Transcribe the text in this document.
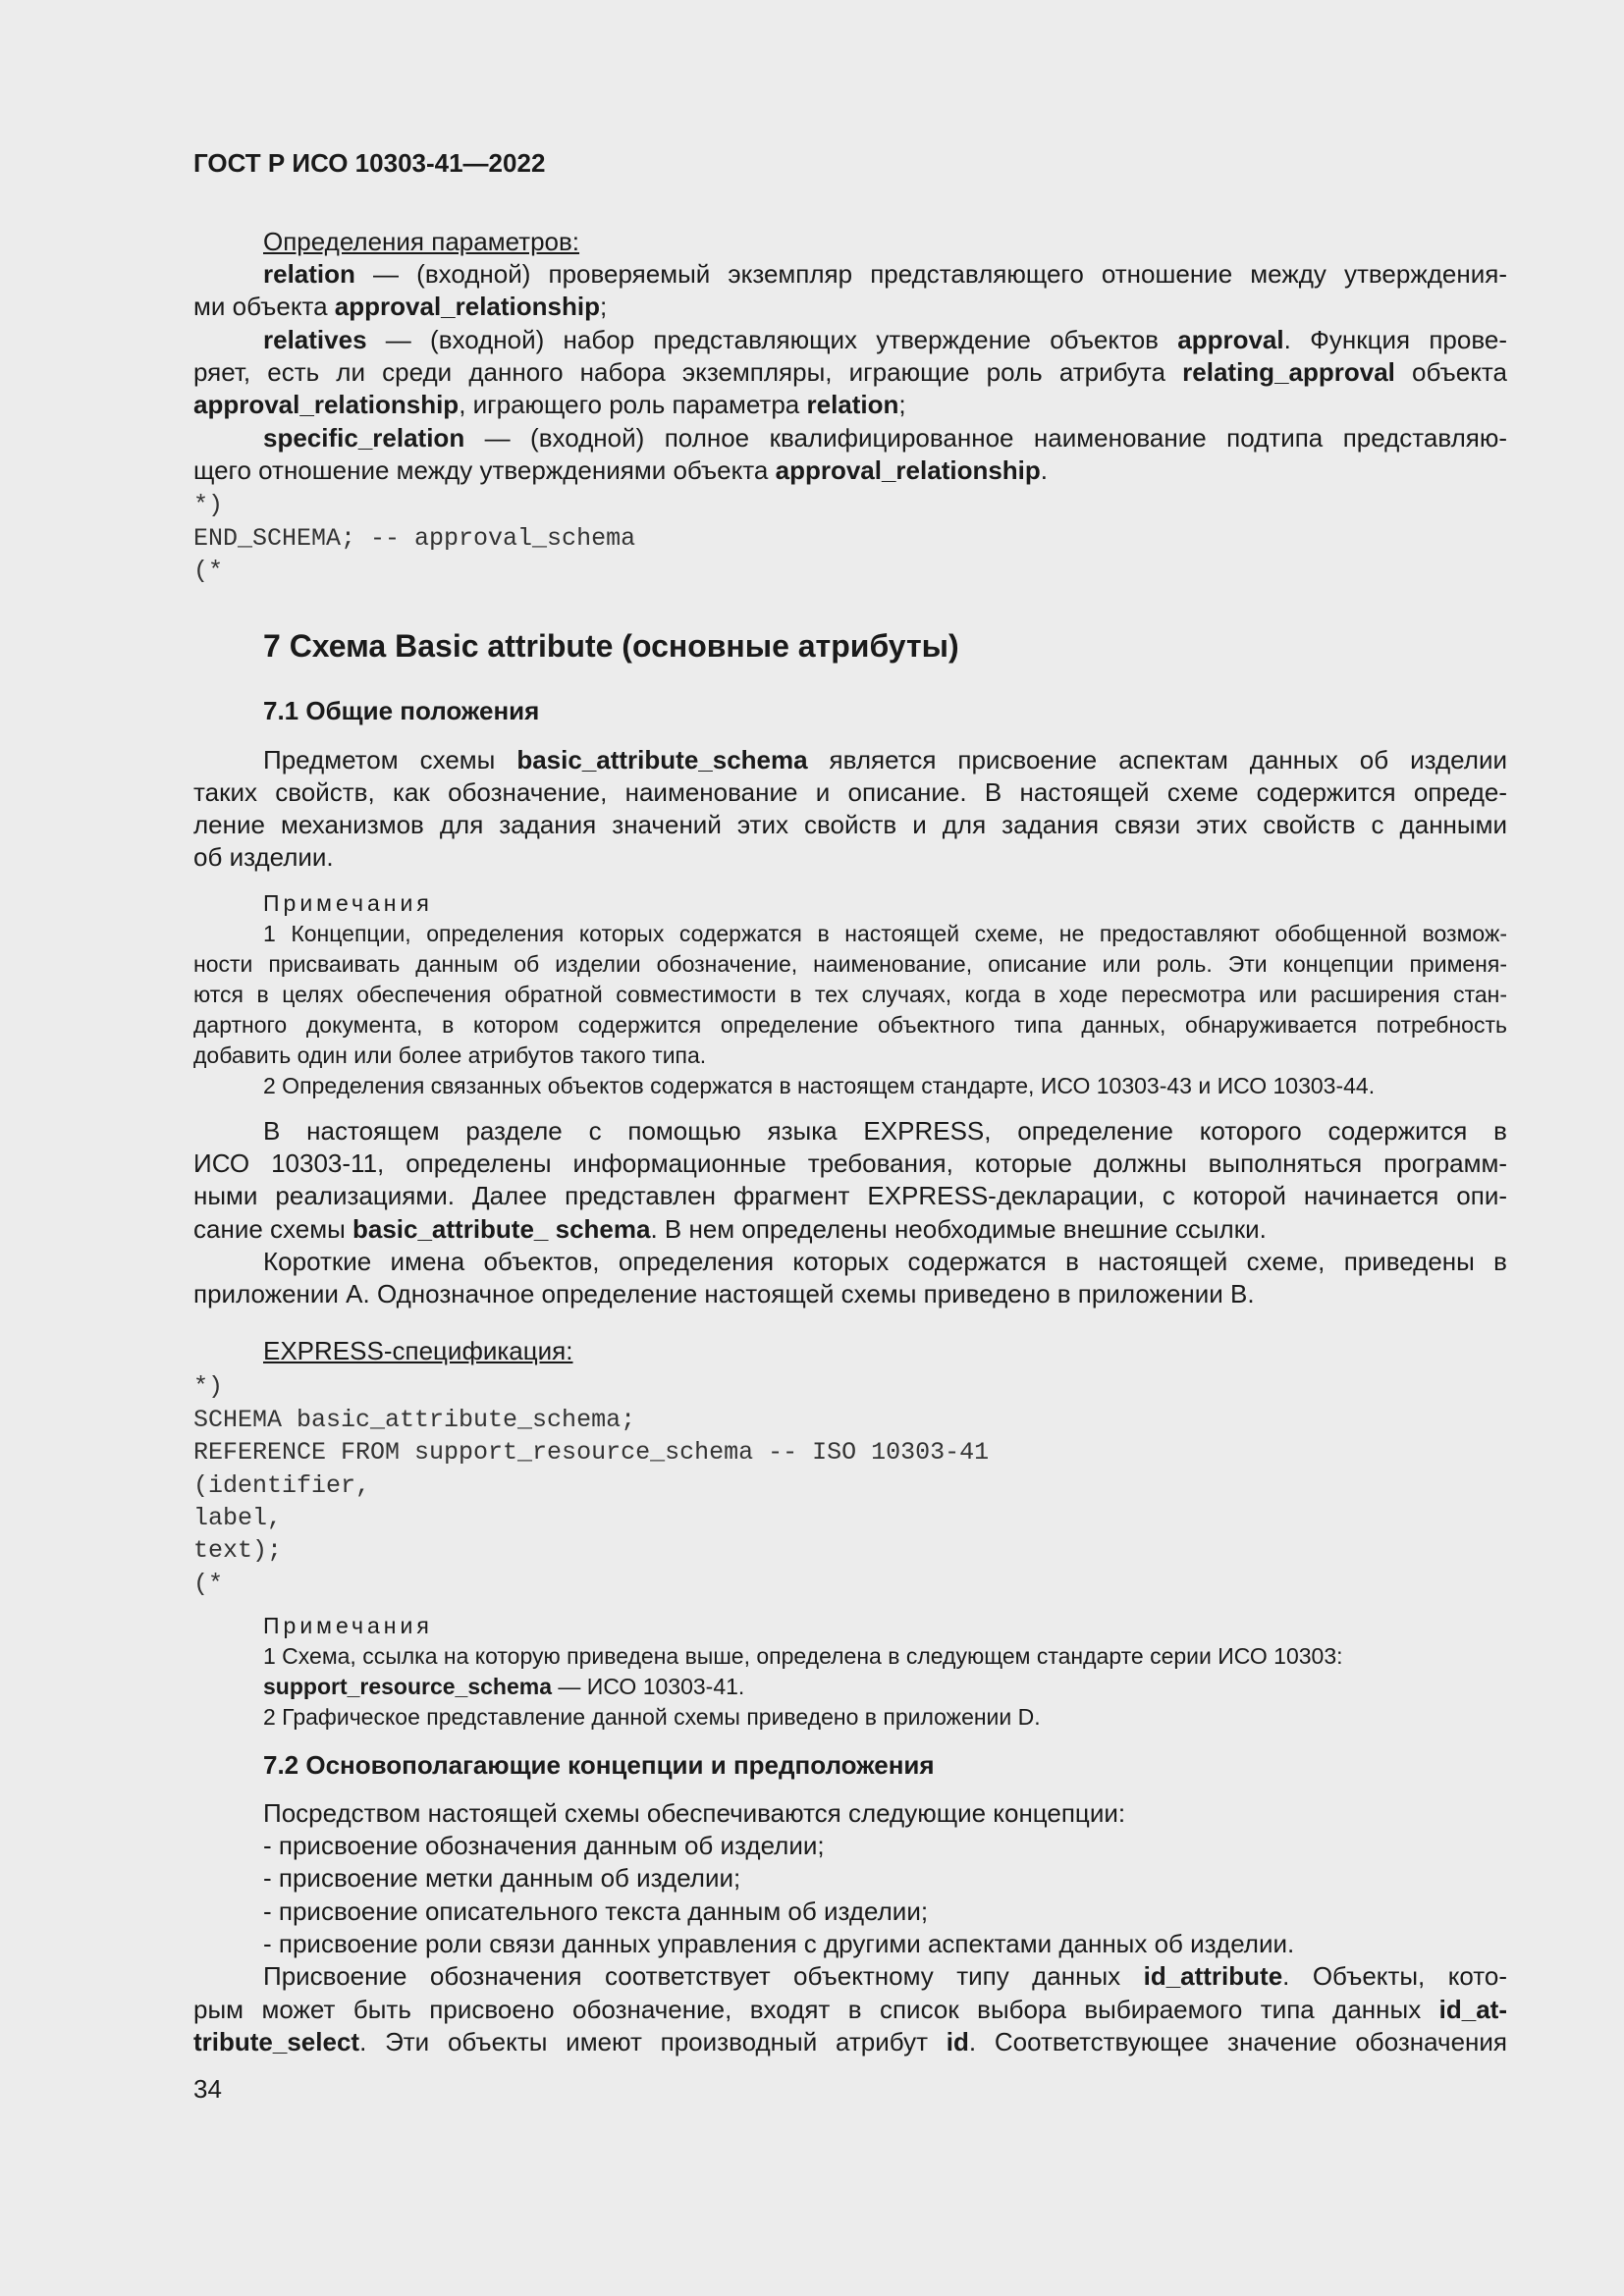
ГОСТ Р ИСО 10303-41—2022
Определения параметров:
relation — (входной) проверяемый экземпляр представляющего отношение между утверждения-
ми объекта approval_relationship;
relatives — (входной) набор представляющих утверждение объектов approval. Функция прове-
ряет, есть ли среди данного набора экземпляры, играющие роль атрибута relating_approval объекта
approval_relationship, играющего роль параметра relation;
specific_relation — (входной) полное квалифицированное наименование подтипа представляю-
щего отношение между утверждениями объекта approval_relationship.
*)
END_SCHEMA; -- approval_schema
(*
7 Схема Basic attribute (основные атрибуты)
7.1 Общие положения
Предметом схемы basic_attribute_schema является присвоение аспектам данных об изделии
таких свойств, как обозначение, наименование и описание. В настоящей схеме содержится опреде-
ление механизмов для задания значений этих свойств и для задания связи этих свойств с данными
об изделии.
Примечания
1 Концепции, определения которых содержатся в настоящей схеме, не предоставляют обобщенной возмож-
ности присваивать данным об изделии обозначение, наименование, описание или роль. Эти концепции применя-
ются в целях обеспечения обратной совместимости в тех случаях, когда в ходе пересмотра или расширения стан-
дартного документа, в котором содержится определение объектного типа данных, обнаруживается потребность
добавить один или более атрибутов такого типа.
2 Определения связанных объектов содержатся в настоящем стандарте, ИСО 10303-43 и ИСО 10303-44.
В настоящем разделе с помощью языка EXPRESS, определение которого содержится в
ИСО 10303-11, определены информационные требования, которые должны выполняться программ-
ными реализациями. Далее представлен фрагмент EXPRESS-декларации, с которой начинается опи-
сание схемы basic_attribute_ schema. В нем определены необходимые внешние ссылки.
Короткие имена объектов, определения которых содержатся в настоящей схеме, приведены в
приложении А. Однозначное определение настоящей схемы приведено в приложении В.
EXPRESS-спецификация:
*)
SCHEMA basic_attribute_schema;
REFERENCE FROM support_resource_schema -- ISO 10303-41
(identifier,
label,
text);
(*
Примечания
1 Схема, ссылка на которую приведена выше, определена в следующем стандарте серии ИСО 10303:
support_resource_schema — ИСО 10303-41.
2 Графическое представление данной схемы приведено в приложении D.
7.2 Основополагающие концепции и предположения
Посредством настоящей схемы обеспечиваются следующие концепции:
- присвоение обозначения данным об изделии;
- присвоение метки данным об изделии;
- присвоение описательного текста данным об изделии;
- присвоение роли связи данных управления с другими аспектами данных об изделии.
Присвоение обозначения соответствует объектному типу данных id_attribute. Объекты, кото-
рым может быть присвоено обозначение, входят в список выбора выбираемого типа данных id_at-
tribute_select. Эти объекты имеют производный атрибут id. Соответствующее значение обозначения
34
